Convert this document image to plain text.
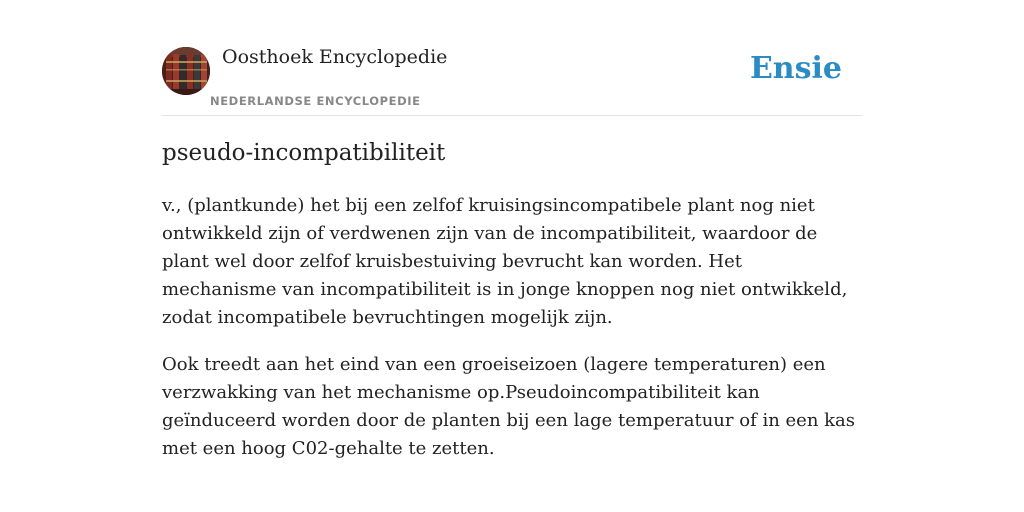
Oosthoek Encyclopedie
NEDERLANDSE ENCYCLOPEDIE
Ensie
pseudo-incompatibiliteit

v., (plantkunde) het bij een zelfof kruisingsincompatibele plant nog niet ontwikkeld zijn of verdwenen zijn van de incompatibiliteit, waardoor de plant wel door zelfof kruisbestuiving bevrucht kan worden. Het mechanisme van incompatibiliteit is in jonge knoppen nog niet ontwikkeld, zodat incompatibele bevruchtingen mogelijk zijn.

Ook treedt aan het eind van een groeiseizoen (lagere temperaturen) een verzwakking van het mechanisme op.Pseudoincompatibiliteit kan geïnduceerd worden door de planten bij een lage temperatuur of in een kas met een hoog C02-gehalte te zetten.
